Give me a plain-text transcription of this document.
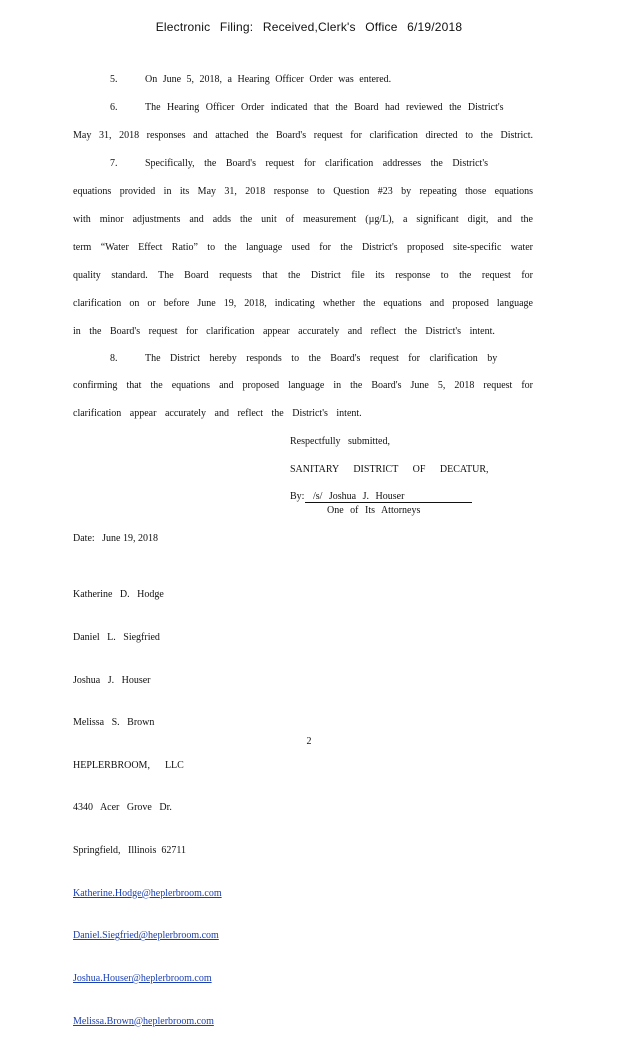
Electronic Filing: Received,Clerk's Office 6/19/2018
5.	On June 5, 2018, a Hearing Officer Order was entered.
6.	The Hearing Officer Order indicated that the Board had reviewed the District's
May 31, 2018 responses and attached the Board's request for clarification directed to the District.
7.	Specifically, the Board's request for clarification addresses the District's
equations provided in its May 31, 2018 response to Question #23 by repeating those equations
with minor adjustments and adds the unit of measurement (µg/L), a significant digit, and the
term “Water Effect Ratio” to the language used for the District's proposed site-specific water
quality standard. The Board requests that the District file its response to the request for
clarification on or before June 19, 2018, indicating whether the equations and proposed language
in the Board's request for clarification appear accurately and reflect the District's intent.
8.	The District hereby responds to the Board's request for clarification by
confirming that the equations and proposed language in the Board's June 5, 2018 request for
clarification appear accurately and reflect the District's intent.
Respectfully submitted,
SANITARY DISTRICT OF DECATUR,
By: /s/ Joshua J. Houser
One of Its Attorneys
Date:   June 19, 2018

Katherine D. Hodge

Daniel L. Siegfried

Joshua J. Houser

Melissa S. Brown

HEPLERBROOM,      LLC

4340 Acer Grove Dr.

Springfield,   Illinois  62711

Katherine.Hodge@heplerbroom.com

Daniel.Siegfried@heplerbroom.com

Joshua.Houser@heplerbroom.com

Melissa.Brown@heplerbroom.com

2
